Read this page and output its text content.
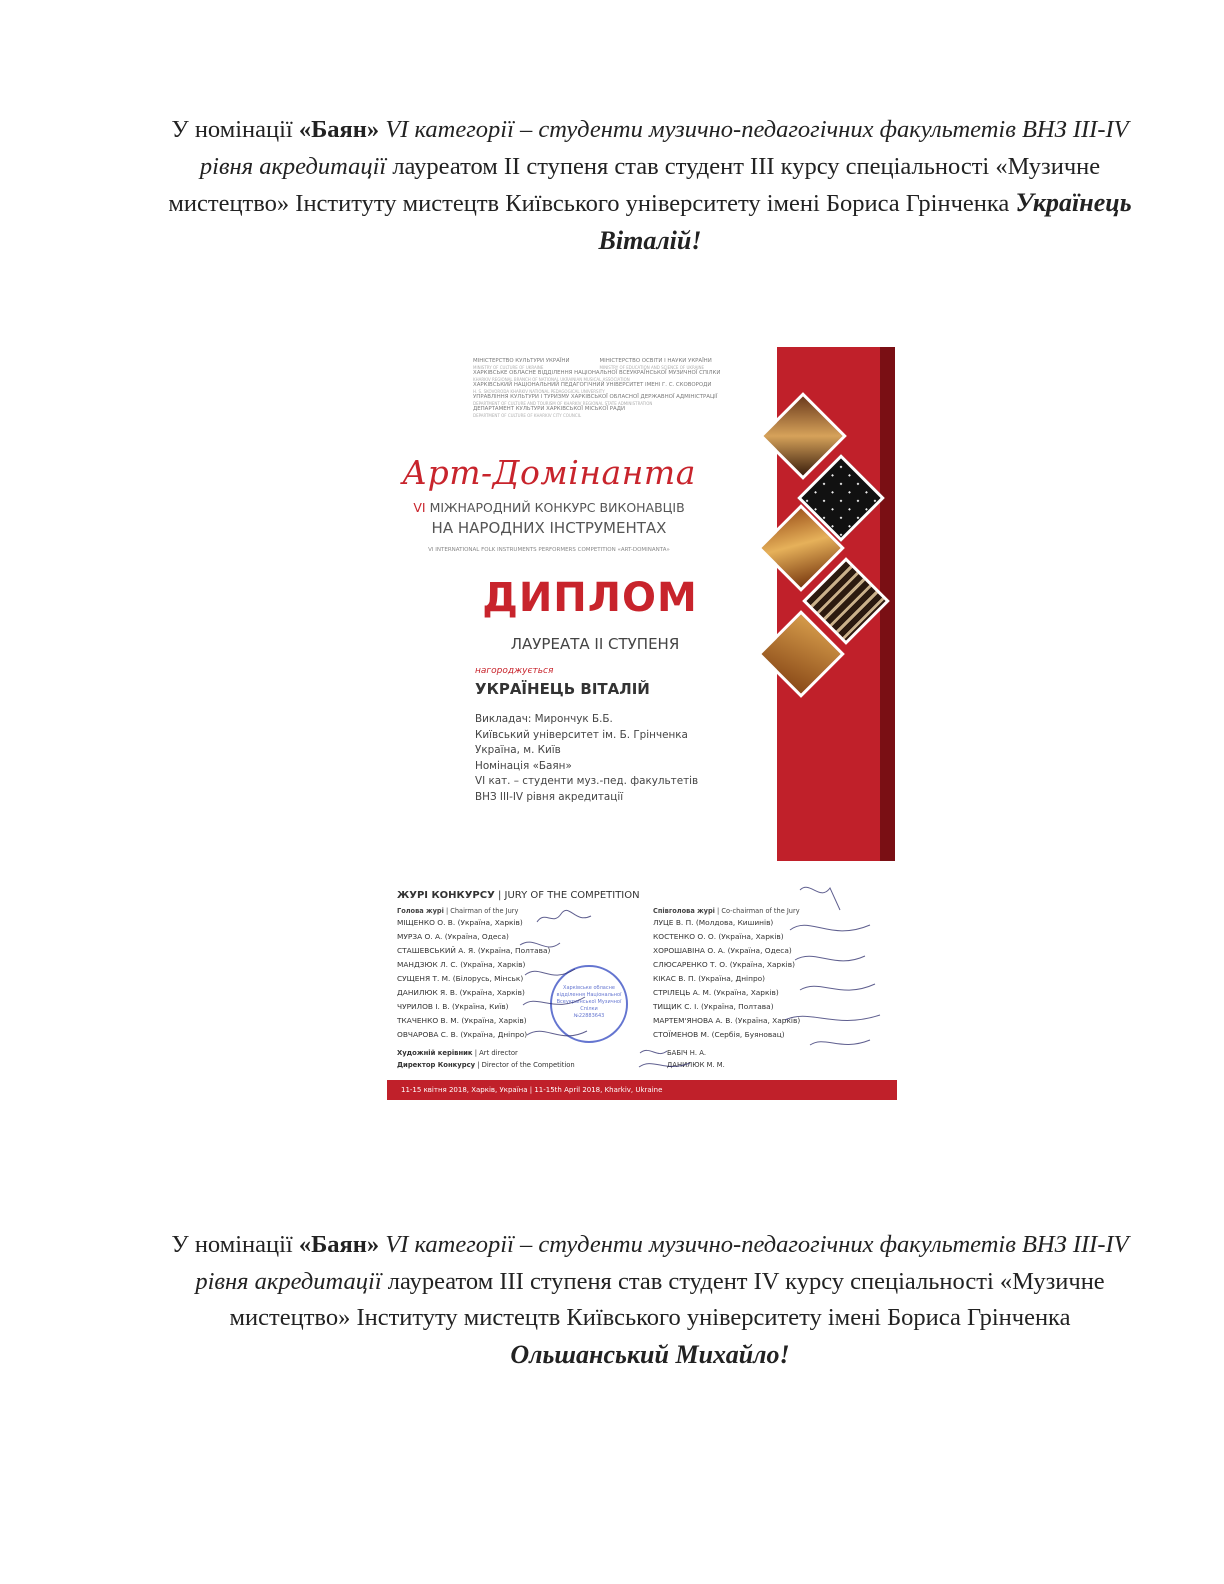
У номінації «Баян» VI категорії – студенти музично-педагогічних факультетів ВНЗ ІІІ-ІV рівня акредитації лауреатом ІІ ступеня став студент ІІІ курсу спеціальності «Музичне мистецтво» Інституту мистецтв Київського університету імені Бориса Грінченка Українець Віталій!
МІНІСТЕРСТВО КУЛЬТУРИ УКРАЇНИ
MINISTRY OF CULTURE OF UKRAINE
МІНІСТЕРСТВО ОСВІТИ І НАУКИ УКРАЇНИ
MINISTRY OF EDUCATION AND SCIENCE OF UKRAINE
ХАРКІВСЬКЕ ОБЛАСНЕ ВІДДІЛЕННЯ НАЦІОНАЛЬНОЇ ВСЕУКРАЇНСЬКОЇ МУЗИЧНОЇ СПІЛКИ
KHARKIV REGIONAL BRANCH OF NATIONAL UKRAINIAN MUSICAL ASSOCIATION
ХАРКІВСЬКИЙ НАЦІОНАЛЬНИЙ ПЕДАГОГІЧНИЙ УНІВЕРСИТЕТ ІМЕНІ Г. С. СКОВОРОДИ
H. S. SKOVORODA KHARKIV NATIONAL PEDAGOGICAL UNIVERSITY
УПРАВЛІННЯ КУЛЬТУРИ І ТУРИЗМУ ХАРКІВСЬКОЇ ОБЛАСНОЇ ДЕРЖАВНОЇ АДМІНІСТРАЦІЇ
DEPARTMENT OF CULTURE AND TOURISM OF KHARKIV REGIONAL STATE ADMINISTRATION
ДЕПАРТАМЕНТ КУЛЬТУРИ ХАРКІВСЬКОЇ МІСЬКОЇ РАДИ
DEPARTMENT OF CULTURE OF KHARKIV CITY COUNCIL
Арт-Домінанта
VI МІЖНАРОДНИЙ КОНКУРС ВИКОНАВЦІВ
НА НАРОДНИХ ІНСТРУМЕНТАХ
VI INTERNATIONAL FOLK INSTRUMENTS PERFORMERS COMPETITION «ART-DOMINANTA»
ДИПЛОМ
ЛАУРЕАТА ІІ СТУПЕНЯ
нагороджується
УКРАЇНЕЦЬ ВІТАЛІЙ
Викладач: Мирончук Б.Б.
Київський університет ім. Б. Грінченка
Україна, м. Київ
Номінація «Баян»
VI кат. – студенти муз.-пед. факультетів
ВНЗ ІІІ-IV рівня акредитації
ЖУРІ КОНКУРСУ | JURY OF THE COMPETITION
Голова журі | Chairman of the Jury
МІЩЕНКО О. В. (Україна, Харків)
МУРЗА О. А. (Україна, Одеса)
СТАШЕВСЬКИЙ А. Я. (Україна, Полтава)
МАНДЗЮК Л. С. (Україна, Харків)
СУЩЕНЯ Т. М. (Білорусь, Мінськ)
ДАНИЛЮК Я. В. (Україна, Харків)
ЧУРИЛОВ І. В. (Україна, Київ)
ТКАЧЕНКО В. М. (Україна, Харків)
ОВЧАРОВА С. В. (Україна, Дніпро)
Співголова журі | Co-chairman of the Jury
ЛУЦЕ В. П. (Молдова, Кишинів)
КОСТЕНКО О. О. (Україна, Харків)
ХОРОШАВІНА О. А. (Україна, Одеса)
СЛЮСАРЕНКО Т. О. (Україна, Харків)
КІКАС В. П. (Україна, Дніпро)
СТРІЛЕЦЬ А. М. (Україна, Харків)
ТИЩИК С. І. (Україна, Полтава)
МАРТЕМ'ЯНОВА А. В. (Україна, Харків)
СТОЇМЕНОВ М. (Сербія, Буяновац)
Художній керівник | Art director	БАБІЧ Н. А.
Директор Конкурсу | Director of the Competition	ДАНИЛЮК М. М.
Харківське обласне відділення Національної Всеукраїнської Музичної Спілки
№22883643
11-15 квітня 2018, Харків, Україна | 11-15th April 2018, Kharkiv, Ukraine
У номінації «Баян» VI категорії – студенти музично-педагогічних факультетів ВНЗ ІІІ-ІV рівня акредитації лауреатом ІІІ ступеня став студент ІV курсу спеціальності «Музичне мистецтво» Інституту мистецтв Київського університету імені Бориса Грінченка Ольшанський Михайло!
